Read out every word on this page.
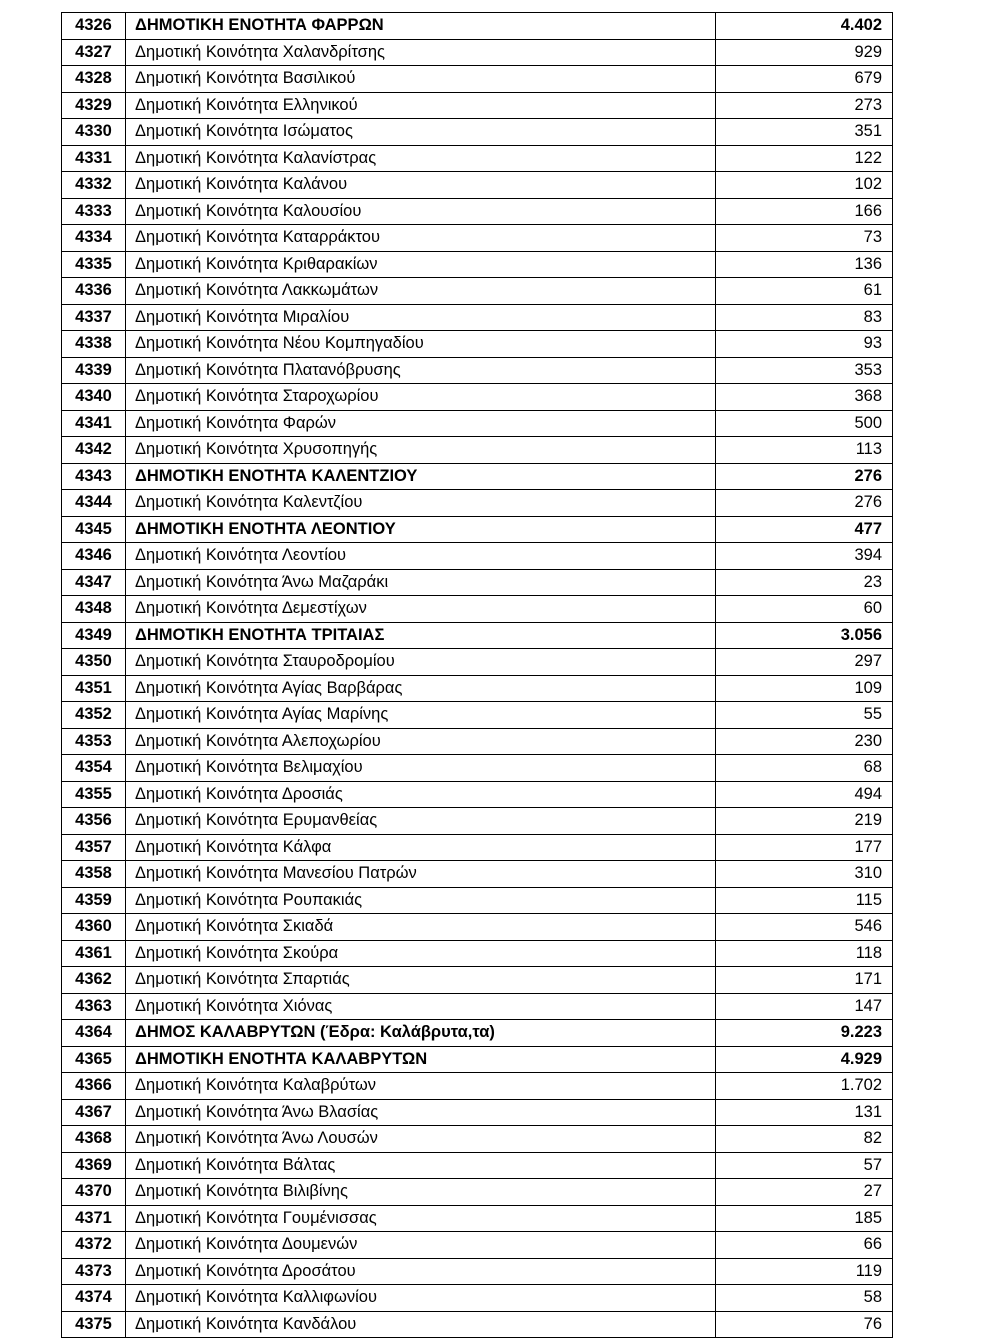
4326	ΔΗΜΟΤΙΚΗ ΕΝΟΤΗΤΑ ΦΑΡΡΩΝ	4.402
4327	Δημοτική Κοινότητα Χαλανδρίτσης	929
4328	Δημοτική Κοινότητα Βασιλικού	679
4329	Δημοτική Κοινότητα Ελληνικού	273
4330	Δημοτική Κοινότητα Ισώματος	351
4331	Δημοτική Κοινότητα Καλανίστρας	122
4332	Δημοτική Κοινότητα Καλάνου	102
4333	Δημοτική Κοινότητα Καλουσίου	166
4334	Δημοτική Κοινότητα Καταρράκτου	73
4335	Δημοτική Κοινότητα Κριθαρακίων	136
4336	Δημοτική Κοινότητα Λακκωμάτων	61
4337	Δημοτική Κοινότητα Μιραλίου	83
4338	Δημοτική Κοινότητα Νέου Κομπηγαδίου	93
4339	Δημοτική Κοινότητα Πλατανόβρυσης	353
4340	Δημοτική Κοινότητα Σταροχωρίου	368
4341	Δημοτική Κοινότητα Φαρών	500
4342	Δημοτική Κοινότητα Χρυσοπηγής	113
4343	ΔΗΜΟΤΙΚΗ ΕΝΟΤΗΤΑ ΚΑΛΕΝΤΖΙΟΥ	276
4344	Δημοτική Κοινότητα Καλεντζίου	276
4345	ΔΗΜΟΤΙΚΗ ΕΝΟΤΗΤΑ ΛΕΟΝΤΙΟΥ	477
4346	Δημοτική Κοινότητα Λεοντίου	394
4347	Δημοτική Κοινότητα Άνω Μαζαράκι	23
4348	Δημοτική Κοινότητα Δεμεστίχων	60
4349	ΔΗΜΟΤΙΚΗ ΕΝΟΤΗΤΑ ΤΡΙΤΑΙΑΣ	3.056
4350	Δημοτική Κοινότητα Σταυροδρομίου	297
4351	Δημοτική Κοινότητα Αγίας Βαρβάρας	109
4352	Δημοτική Κοινότητα Αγίας Μαρίνης	55
4353	Δημοτική Κοινότητα Αλεποχωρίου	230
4354	Δημοτική Κοινότητα Βελιμαχίου	68
4355	Δημοτική Κοινότητα Δροσιάς	494
4356	Δημοτική Κοινότητα Ερυμανθείας	219
4357	Δημοτική Κοινότητα Κάλφα	177
4358	Δημοτική Κοινότητα Μανεσίου Πατρών	310
4359	Δημοτική Κοινότητα Ρουπακιάς	115
4360	Δημοτική Κοινότητα Σκιαδά	546
4361	Δημοτική Κοινότητα Σκούρα	118
4362	Δημοτική Κοινότητα Σπαρτιάς	171
4363	Δημοτική Κοινότητα Χιόνας	147
4364	ΔΗΜΟΣ ΚΑΛΑΒΡΥΤΩΝ (Έδρα: Καλάβρυτα,τα)	9.223
4365	ΔΗΜΟΤΙΚΗ ΕΝΟΤΗΤΑ ΚΑΛΑΒΡΥΤΩΝ	4.929
4366	Δημοτική Κοινότητα Καλαβρύτων	1.702
4367	Δημοτική Κοινότητα Άνω Βλασίας	131
4368	Δημοτική Κοινότητα Άνω Λουσών	82
4369	Δημοτική Κοινότητα Βάλτας	57
4370	Δημοτική Κοινότητα Βιλιβίνης	27
4371	Δημοτική Κοινότητα Γουμένισσας	185
4372	Δημοτική Κοινότητα Δουμενών	66
4373	Δημοτική Κοινότητα Δροσάτου	119
4374	Δημοτική Κοινότητα Καλλιφωνίου	58
4375	Δημοτική Κοινότητα Κανδάλου	76
